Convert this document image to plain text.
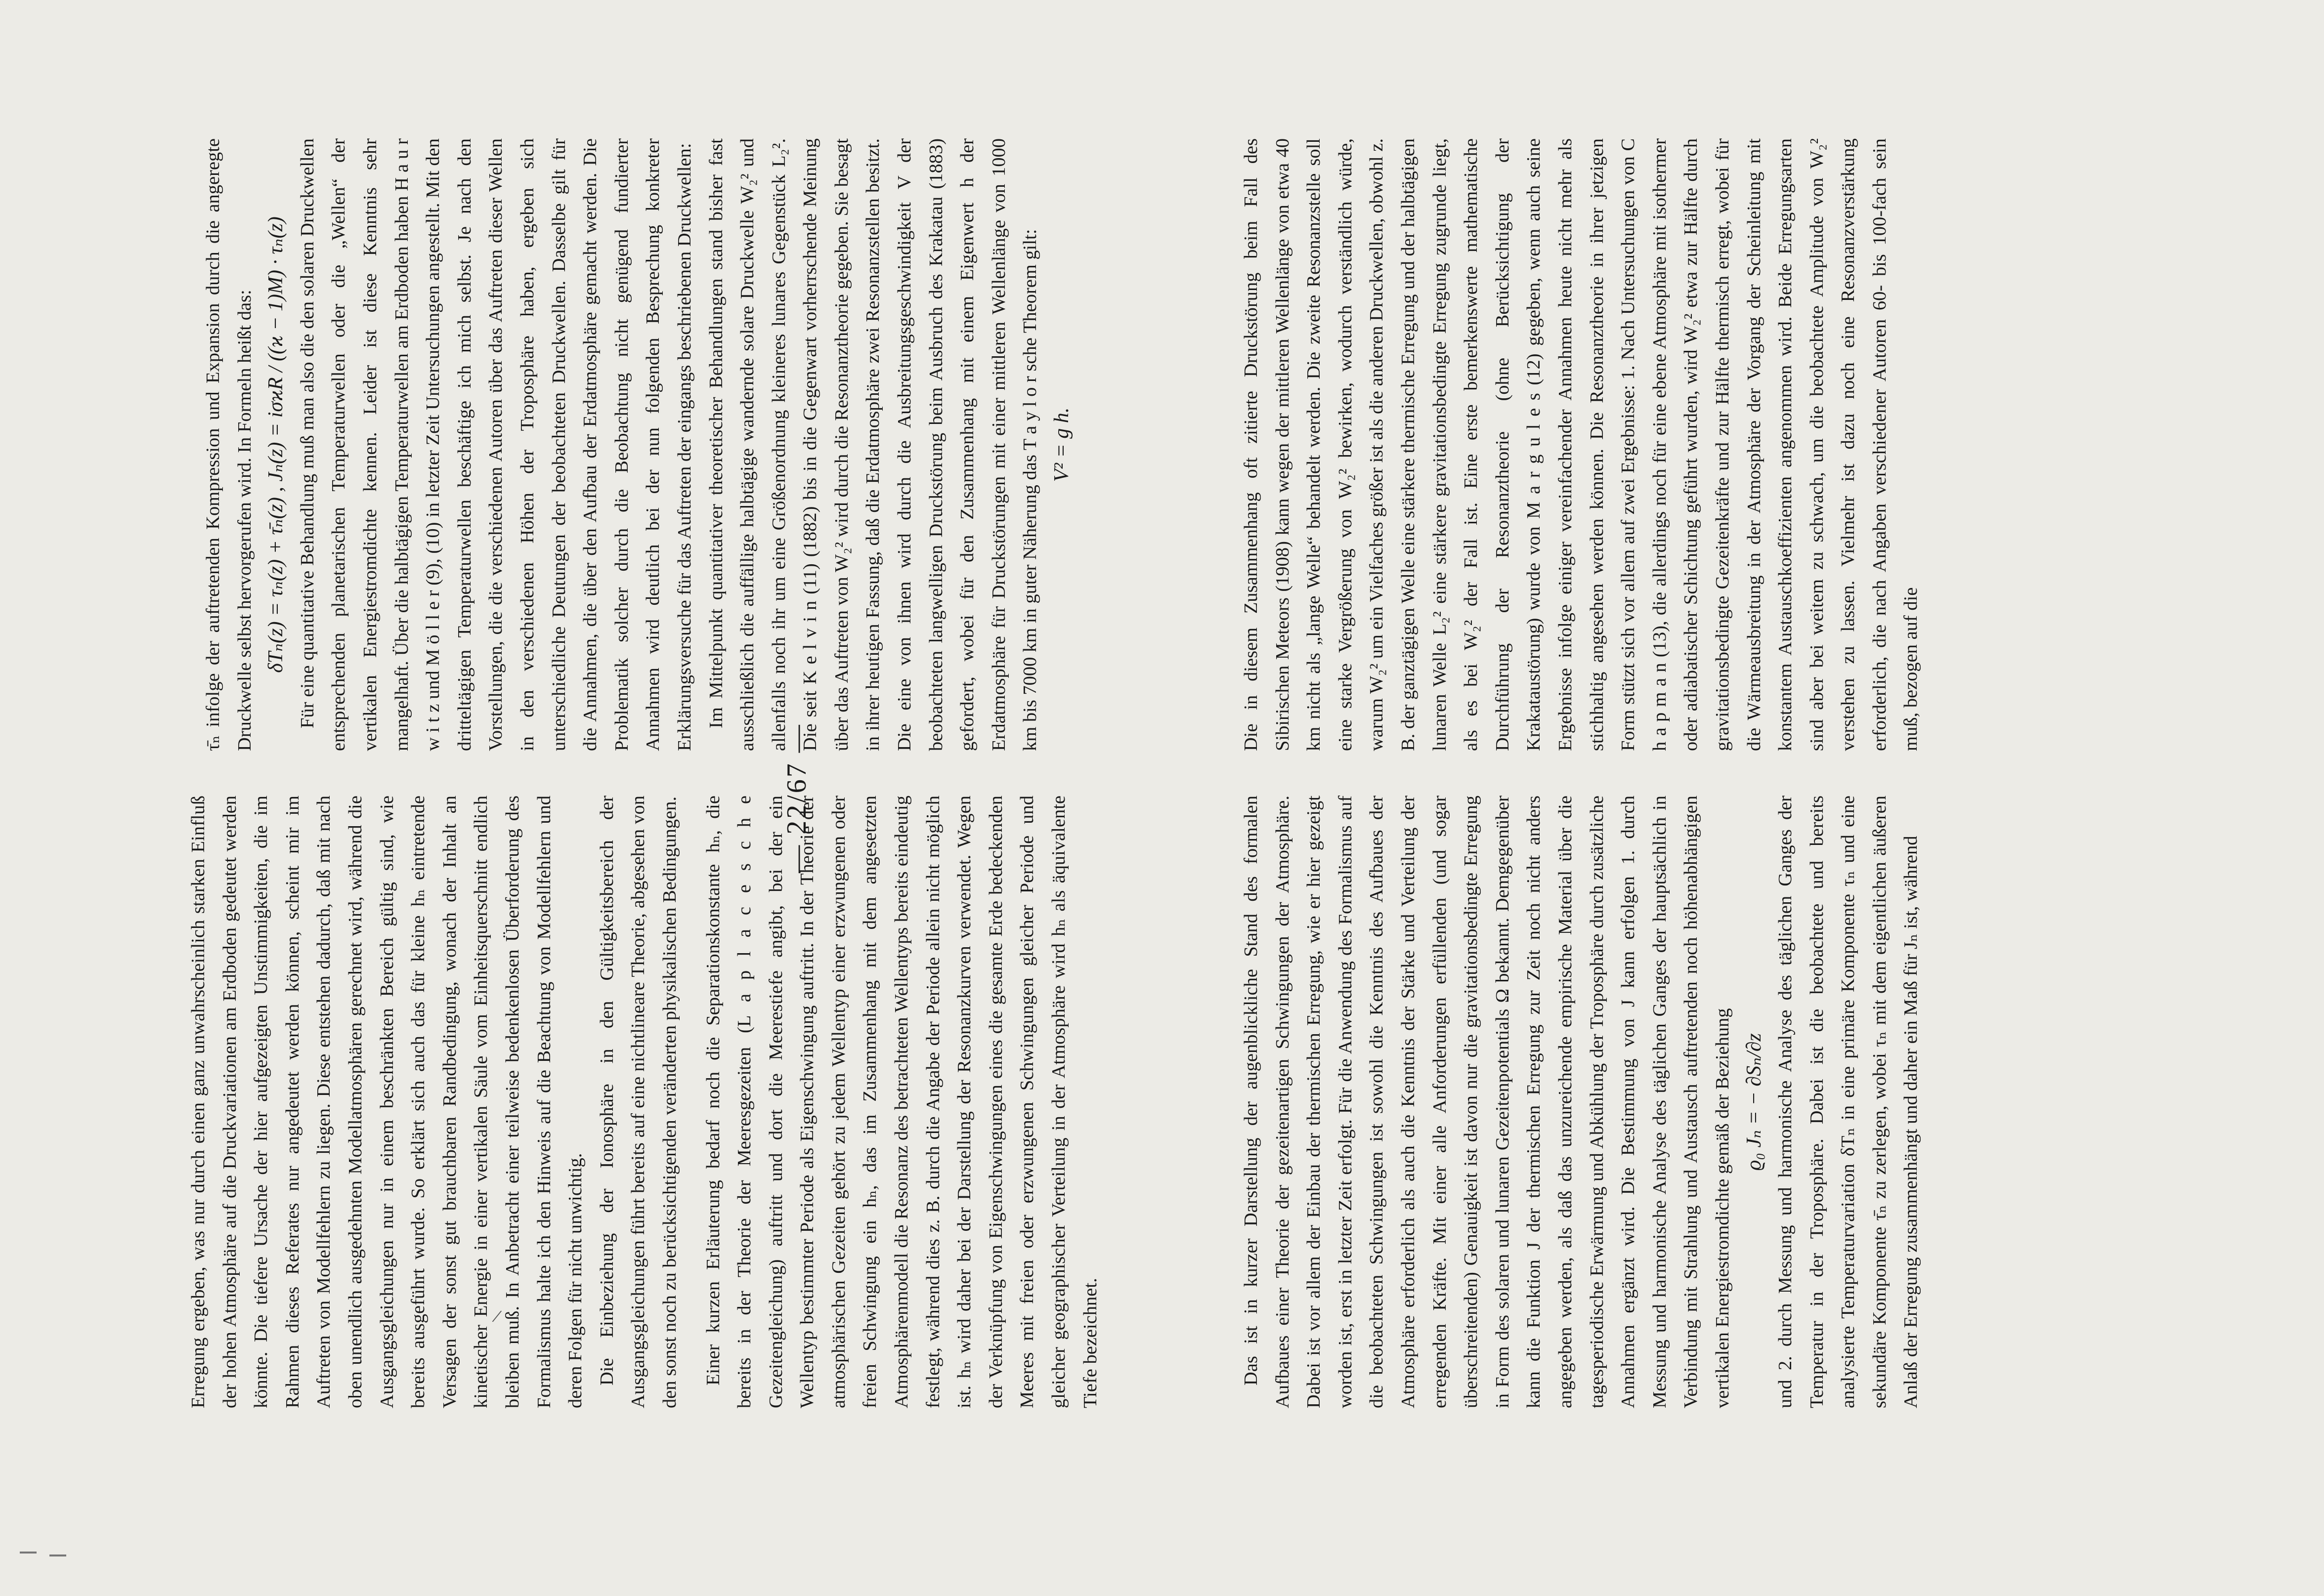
— 22/67 —

Erregung ergeben, was nur durch einen ganz unwahrscheinlich starken Einfluß der hohen Atmosphäre auf die Druckvariationen am Erdboden gedeutet werden könnte. Die tiefere Ursache der hier aufgezeigten Unstimmigkeiten, die im Rahmen dieses Referates nur angedeutet werden können, scheint mir im Auftreten von Modellfehlern zu liegen. Diese entstehen dadurch, daß mit nach oben unendlich ausgedehnten Modellatmosphären gerechnet wird, während die Ausgangsgleichungen nur in einem beschränkten Bereich gültig sind, wie bereits ausgeführt wurde. So erklärt sich auch das für kleine hₙ eintretende Versagen der sonst gut brauchbaren Randbedingung, wonach der Inhalt an kinetischer Energie in einer vertikalen Säule vom Einheitsquerschnitt endlich bleiben muß. In Anbetracht einer teilweise bedenkenlosen Überforderung des Formalismus halte ich den Hinweis auf die Beachtung von Modellfehlern und deren Folgen für nicht unwichtig. Die Einbeziehung der Ionosphäre in den Gültigkeitsbereich der Ausgangsgleichungen führt bereits auf eine nichtlineare Theorie, abgesehen von den sonst noch zu berücksichtigenden veränderten physikalischen Bedingungen.	Einer kurzen Erläuterung bedarf noch die Separationskonstante hₙ, die bereits in der Theorie der Meeresgezeiten (L a p l a c e s c h e Gezeitengleichung) auftritt und dort die Meerestiefe angibt, bei der ein Wellentyp bestimmter Periode als Eigenschwingung auftritt. In der Theorie der atmosphärischen Gezeiten gehört zu jedem Wellentyp einer erzwungenen oder freien Schwingung ein hₙ, das im Zusammenhang mit dem angesetzten Atmosphärenmodell die Resonanz des betrachteten Wellentyps bereits eindeutig festlegt, während dies z. B. durch die Angabe der Periode allein nicht möglich ist. hₙ wird daher bei der Darstellung der Resonanzkurven verwendet. Wegen der Verknüpfung von Eigenschwingungen eines die gesamte Erde bedeckenden Meeres mit freien oder erzwungenen Schwingungen gleicher Periode und gleicher geographischer Verteilung in der Atmosphäre wird hₙ als äquivalente Tiefe bezeichnet.

τ̄ₙ infolge der auftretenden Kompression und Expansion durch die angeregte Druckwelle selbst hervorgerufen wird. In Formeln heißt das: δTₙ(z) = τₙ(z) + τ̄ₙ(z) , Jₙ(z) = iσϰR / ((ϰ − 1)M) · τₙ(z) Für eine quantitative Behandlung muß man also die den solaren Druckwellen entsprechenden planetarischen Temperaturwellen oder die „Wellen“ der vertikalen Energiestromdichte kennen. Leider ist diese Kenntnis sehr mangelhaft. Über die halbtägigen Temperaturwellen am Erdboden haben H a u r w i t z und M ö l l e r (9), (10) in letzter Zeit Untersuchungen angestellt. Mit den dritteltägigen Temperaturwellen beschäftige ich mich selbst. Je nach den Vorstellungen, die die verschiedenen Autoren über das Auftreten dieser Wellen in den verschiedenen Höhen der Troposphäre haben, ergeben sich unterschiedliche Deutungen der beobachteten Druckwellen. Dasselbe gilt für die Annahmen, die über den Aufbau der Erdatmosphäre gemacht werden. Die Problematik solcher durch die Beobachtung nicht genügend fundierter Annahmen wird deutlich bei der nun folgenden Besprechung konkreter Erklärungsversuche für das Auftreten der eingangs beschriebenen Druckwellen: Im Mittelpunkt quantitativer theoretischer Behandlungen stand bisher fast ausschließlich die auffällige halbtägige wandernde solare Druckwelle W₂² und allenfalls noch ihr um eine Größenordnung kleineres lunares Gegenstück L₂². Die seit K e l v i n (11) (1882) bis in die Gegenwart vorherrschende Meinung über das Auftreten von W₂² wird durch die Resonanztheorie gegeben. Sie besagt in ihrer heutigen Fassung, daß die Erdatmosphäre zwei Resonanzstellen besitzt. Die eine von ihnen wird durch die Ausbreitungsgeschwindigkeit V der beobachteten langwelligen Druckstörung beim Ausbruch des Krakatau (1883) gefordert, wobei für den Zusammenhang mit einem Eigenwert h der Erdatmosphäre für Druckstörungen mit einer mittleren Wellenlänge von 1000 km bis 7000 km in guter Näherung das T a y l o r sche Theorem gilt: V² = g h.

Das ist in kurzer Darstellung der augenblickliche Stand des formalen Aufbaues einer Theorie der gezeitenartigen Schwingungen der Atmosphäre. Dabei ist vor allem der Einbau der thermischen Erregung, wie er hier gezeigt worden ist, erst in letzter Zeit erfolgt. Für die Anwendung des Formalismus auf die beobachteten Schwingungen ist sowohl die Kenntnis des Aufbaues der Atmosphäre erforderlich als auch die Kenntnis der Stärke und Verteilung der erregenden Kräfte. Mit einer alle Anforderungen erfüllenden (und sogar überschreitenden) Genauigkeit ist davon nur die gravitationsbedingte Erregung in Form des solaren und lunaren Gezeitenpotentials Ω bekannt. Demgegenüber kann die Funktion J der thermischen Erregung zur Zeit noch nicht anders angegeben werden, als daß das unzureichende empirische Material über die tagesperiodische Erwärmung und Abkühlung der Troposphäre durch zusätzliche Annahmen ergänzt wird. Die Bestimmung von J kann erfolgen 1. durch Messung und harmonische Analyse des täglichen Ganges der hauptsächlich in Verbindung mit Strahlung und Austausch auftretenden noch höhenabhängigen vertikalen Energiestromdichte gemäß der Beziehung ϱ₀ Jₙ = − ∂Sₙ/∂z und 2. durch Messung und harmonische Analyse des täglichen Ganges der Temperatur in der Troposphäre. Dabei ist die beobachtete und bereits analysierte Temperaturvariation δTₙ in eine primäre Komponente τₙ und eine sekundäre Komponente τ̄ₙ zu zerlegen, wobei τₙ mit dem eigentlichen äußeren Anlaß der Erregung zusammenhängt und daher ein Maß für Jₙ ist, während

Die in diesem Zusammenhang oft zitierte Druckstörung beim Fall des Sibirischen Meteors (1908) kann wegen der mittleren Wellenlänge von etwa 40 km nicht als „lange Welle“ behandelt werden. Die zweite Resonanzstelle soll eine starke Vergrößerung von W₂² bewirken, wodurch verständlich würde, warum W₂² um ein Vielfaches größer ist als die anderen Druckwellen, obwohl z. B. der ganztägigen Welle eine stärkere thermische Erregung und der halbtägigen lunaren Welle L₂² eine stärkere gravitationsbedingte Erregung zugrunde liegt, als es bei W₂² der Fall ist. Eine erste bemerkenswerte mathematische Durchführung der Resonanztheorie (ohne Berücksichtigung der Krakataustörung) wurde von M a r g u l e s (12) gegeben, wenn auch seine Ergebnisse infolge einiger vereinfachender Annahmen heute nicht mehr als stichhaltig angesehen werden können. Die Resonanztheorie in ihrer jetzigen Form stützt sich vor allem auf zwei Ergebnisse: 1. Nach Untersuchungen von C h a p m a n (13), die allerdings noch für eine ebene Atmosphäre mit isothermer oder adiabatischer Schichtung geführt wurden, wird W₂² etwa zur Hälfte durch gravitationsbedingte Gezeitenkräfte und zur Hälfte thermisch erregt, wobei für die Wärmeausbreitung in der Atmosphäre der Vorgang der Scheinleitung mit konstantem Austauschkoeffizienten angenommen wird. Beide Erregungsarten sind aber bei weitem zu schwach, um die beobachtete Amplitude von W₂² verstehen zu lassen. Vielmehr ist dazu noch eine Resonanzverstärkung erforderlich, die nach Angaben verschiedener Autoren 60- bis 100-fach sein muß, bezogen auf die

/
